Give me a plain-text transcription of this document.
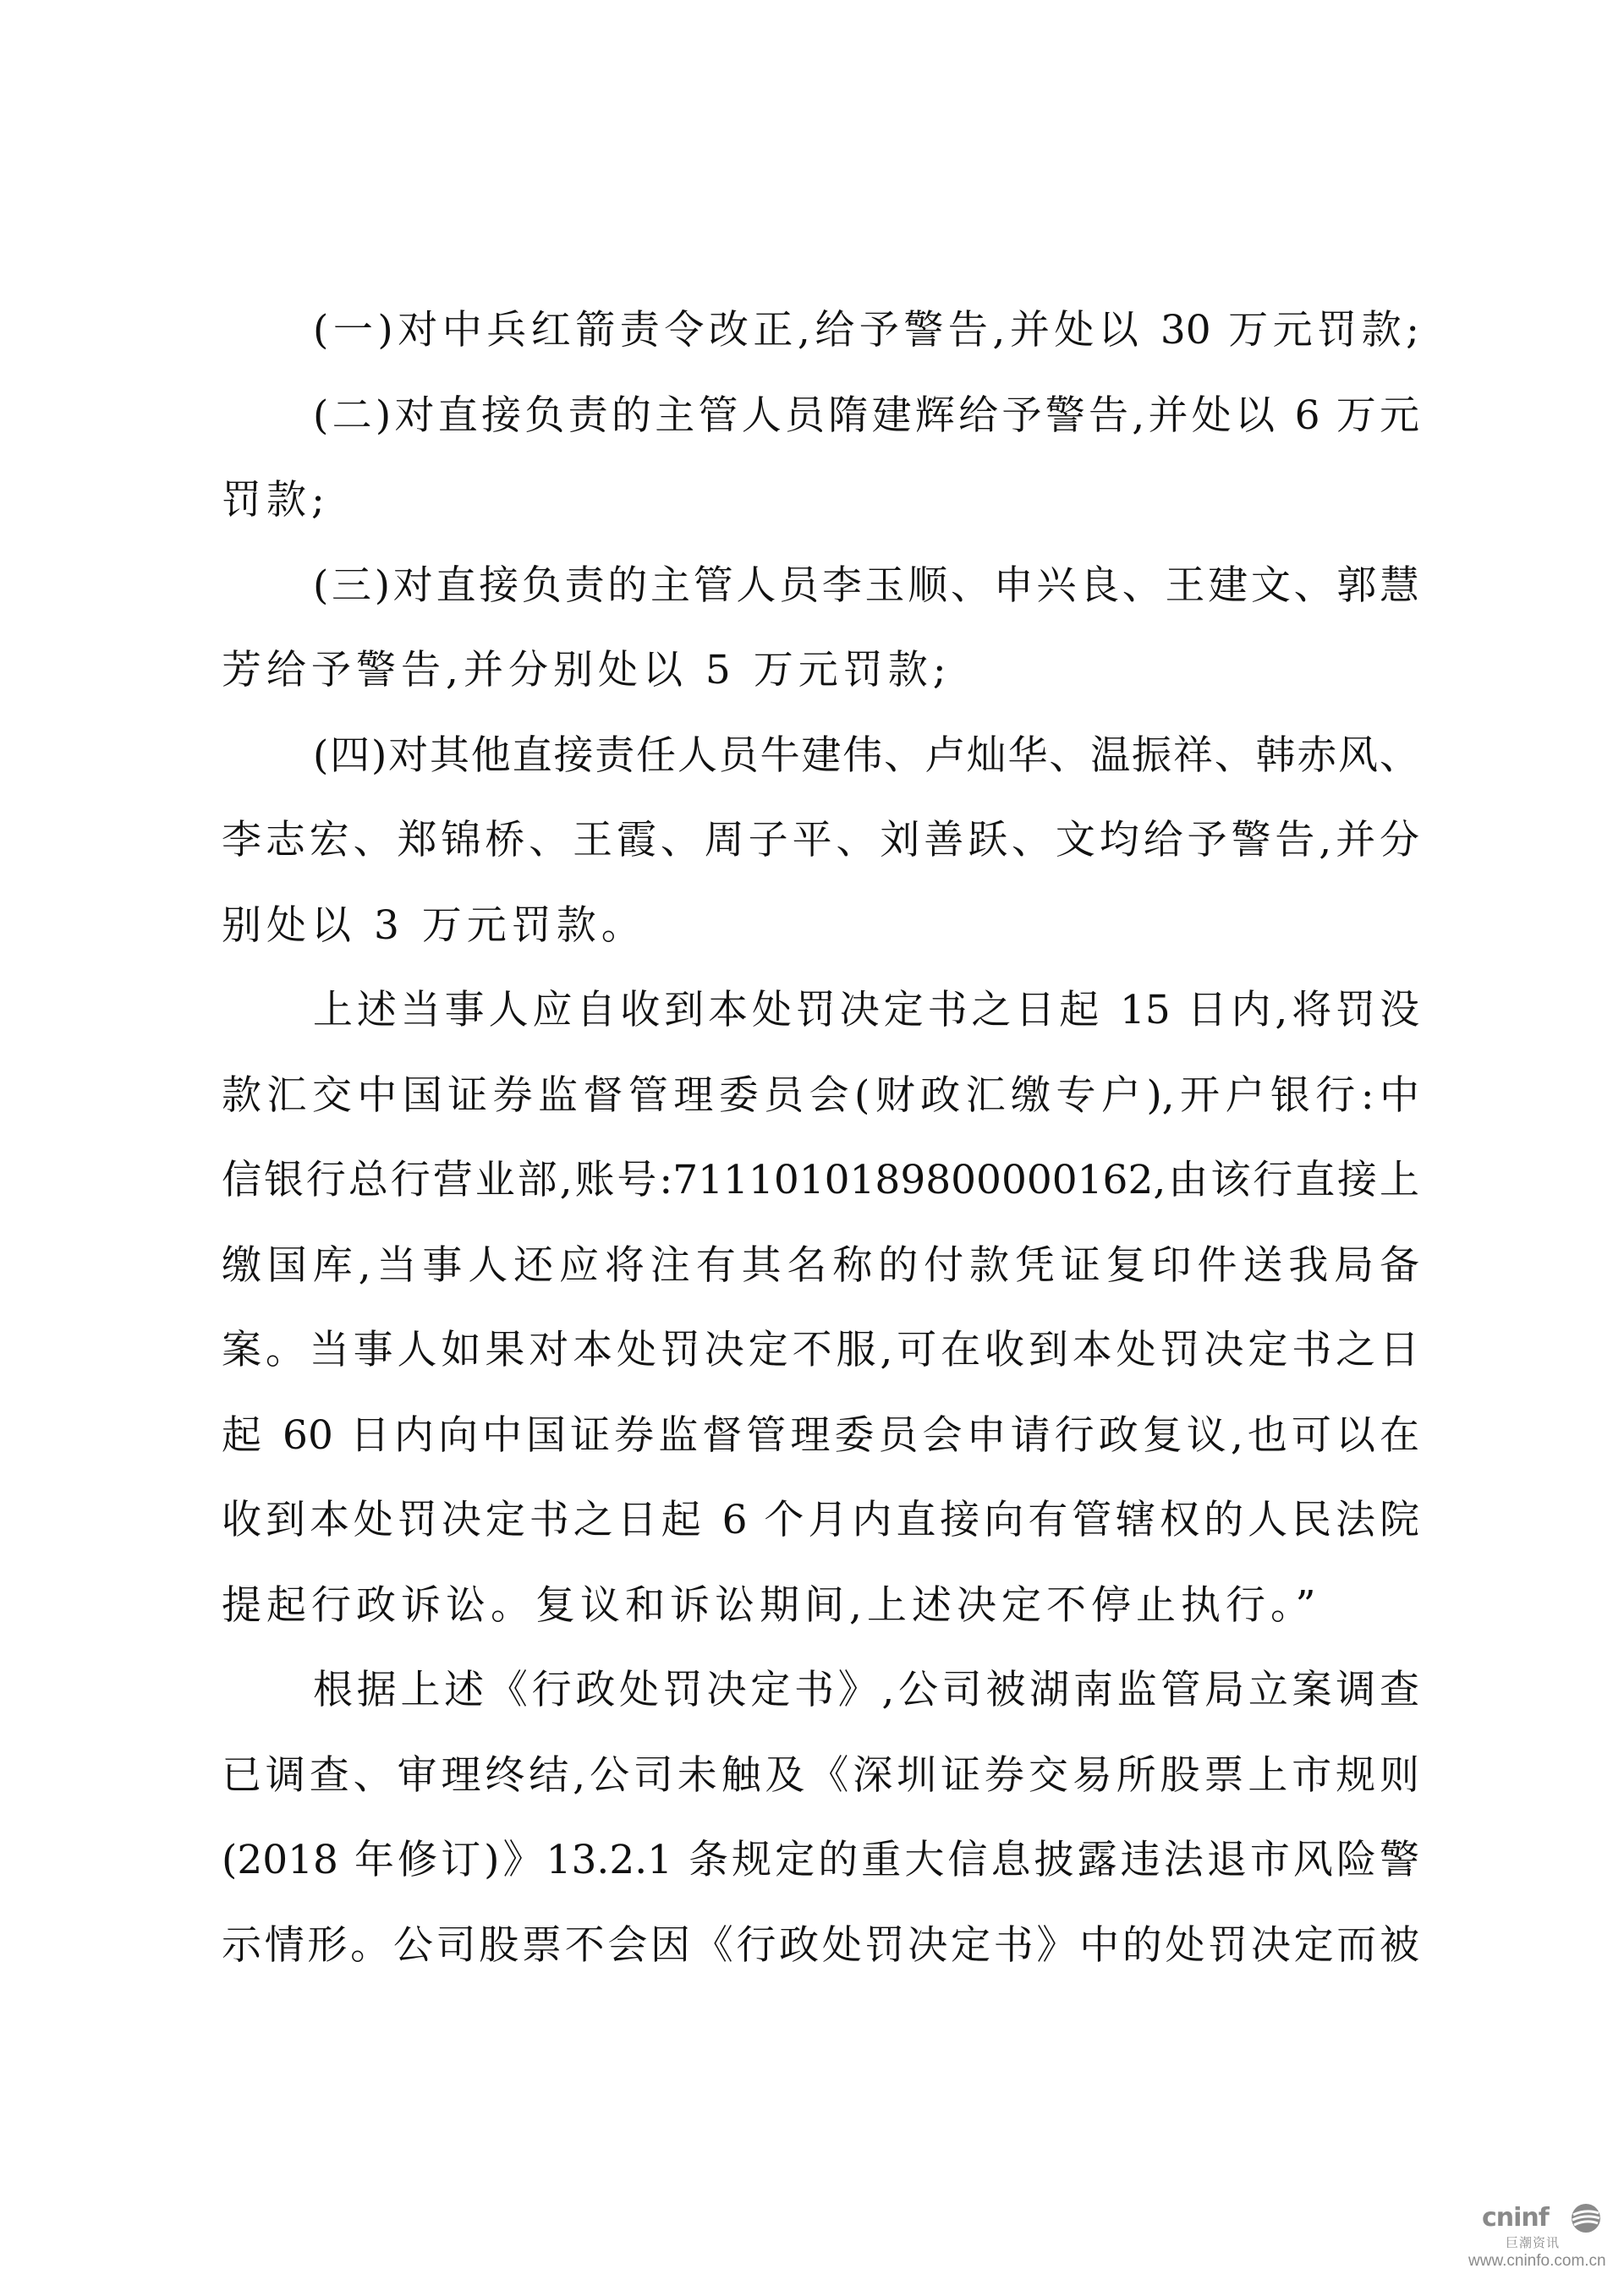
(一)对中兵红箭责令改正,给予警告,并处以 30 万元罚款;
(二)对直接负责的主管人员隋建辉给予警告,并处以 6 万元
罚款;
(三)对直接负责的主管人员李玉顺、申兴良、王建文、郭慧
芳给予警告,并分别处以 5 万元罚款;
(四)对其他直接责任人员牛建伟、卢灿华、温振祥、韩赤风、
李志宏、郑锦桥、王霞、周子平、刘善跃、文均给予警告,并分
别处以 3 万元罚款。
上述当事人应自收到本处罚决定书之日起 15 日内,将罚没
款汇交中国证券监督管理委员会(财政汇缴专户),开户银行:中
信银行总行营业部,账号:7111010189800000162,由该行直接上
缴国库,当事人还应将注有其名称的付款凭证复印件送我局备
案。当事人如果对本处罚决定不服,可在收到本处罚决定书之日
起 60 日内向中国证券监督管理委员会申请行政复议,也可以在
收到本处罚决定书之日起 6 个月内直接向有管辖权的人民法院
提起行政诉讼。复议和诉讼期间,上述决定不停止执行。”
根据上述《行政处罚决定书》,公司被湖南监管局立案调查
已调查、审理终结,公司未触及《深圳证券交易所股票上市规则
(2018 年修订)》13.2.1 条规定的重大信息披露违法退市风险警
示情形。公司股票不会因《行政处罚决定书》中的处罚决定而被
cninf
巨潮资讯
www.cninfo.com.cn
